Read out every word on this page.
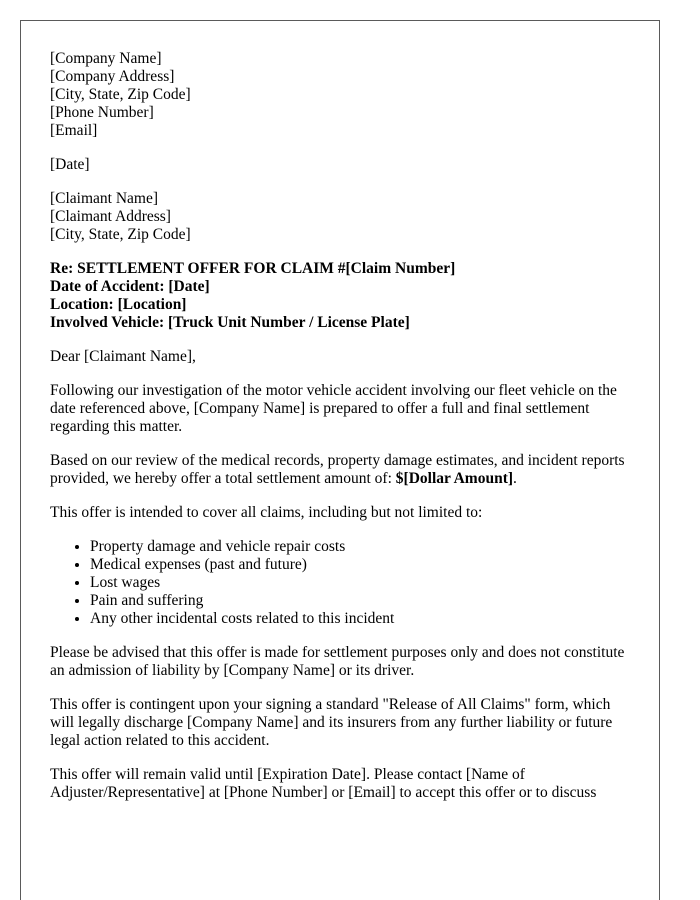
[Company Name]
[Company Address]
[City, State, Zip Code]
[Phone Number]
[Email]
[Date]
[Claimant Name]
[Claimant Address]
[City, State, Zip Code]
Re: SETTLEMENT OFFER FOR CLAIM #[Claim Number]
Date of Accident: [Date]
Location: [Location]
Involved Vehicle: [Truck Unit Number / License Plate]

Dear [Claimant Name],

Following our investigation of the motor vehicle accident involving our fleet vehicle on the date referenced above, [Company Name] is prepared to offer a full and final settlement regarding this matter.

Based on our review of the medical records, property damage estimates, and incident reports provided, we hereby offer a total settlement amount of: $[Dollar Amount].

This offer is intended to cover all claims, including but not limited to:

• Property damage and vehicle repair costs
• Medical expenses (past and future)
• Lost wages
• Pain and suffering
• Any other incidental costs related to this incident

Please be advised that this offer is made for settlement purposes only and does not constitute an admission of liability by [Company Name] or its driver.

This offer is contingent upon your signing a standard "Release of All Claims" form, which will legally discharge [Company Name] and its insurers from any further liability or future legal action related to this accident.

This offer will remain valid until [Expiration Date]. Please contact [Name of Adjuster/Representative] at [Phone Number] or [Email] to accept this offer or to discuss
